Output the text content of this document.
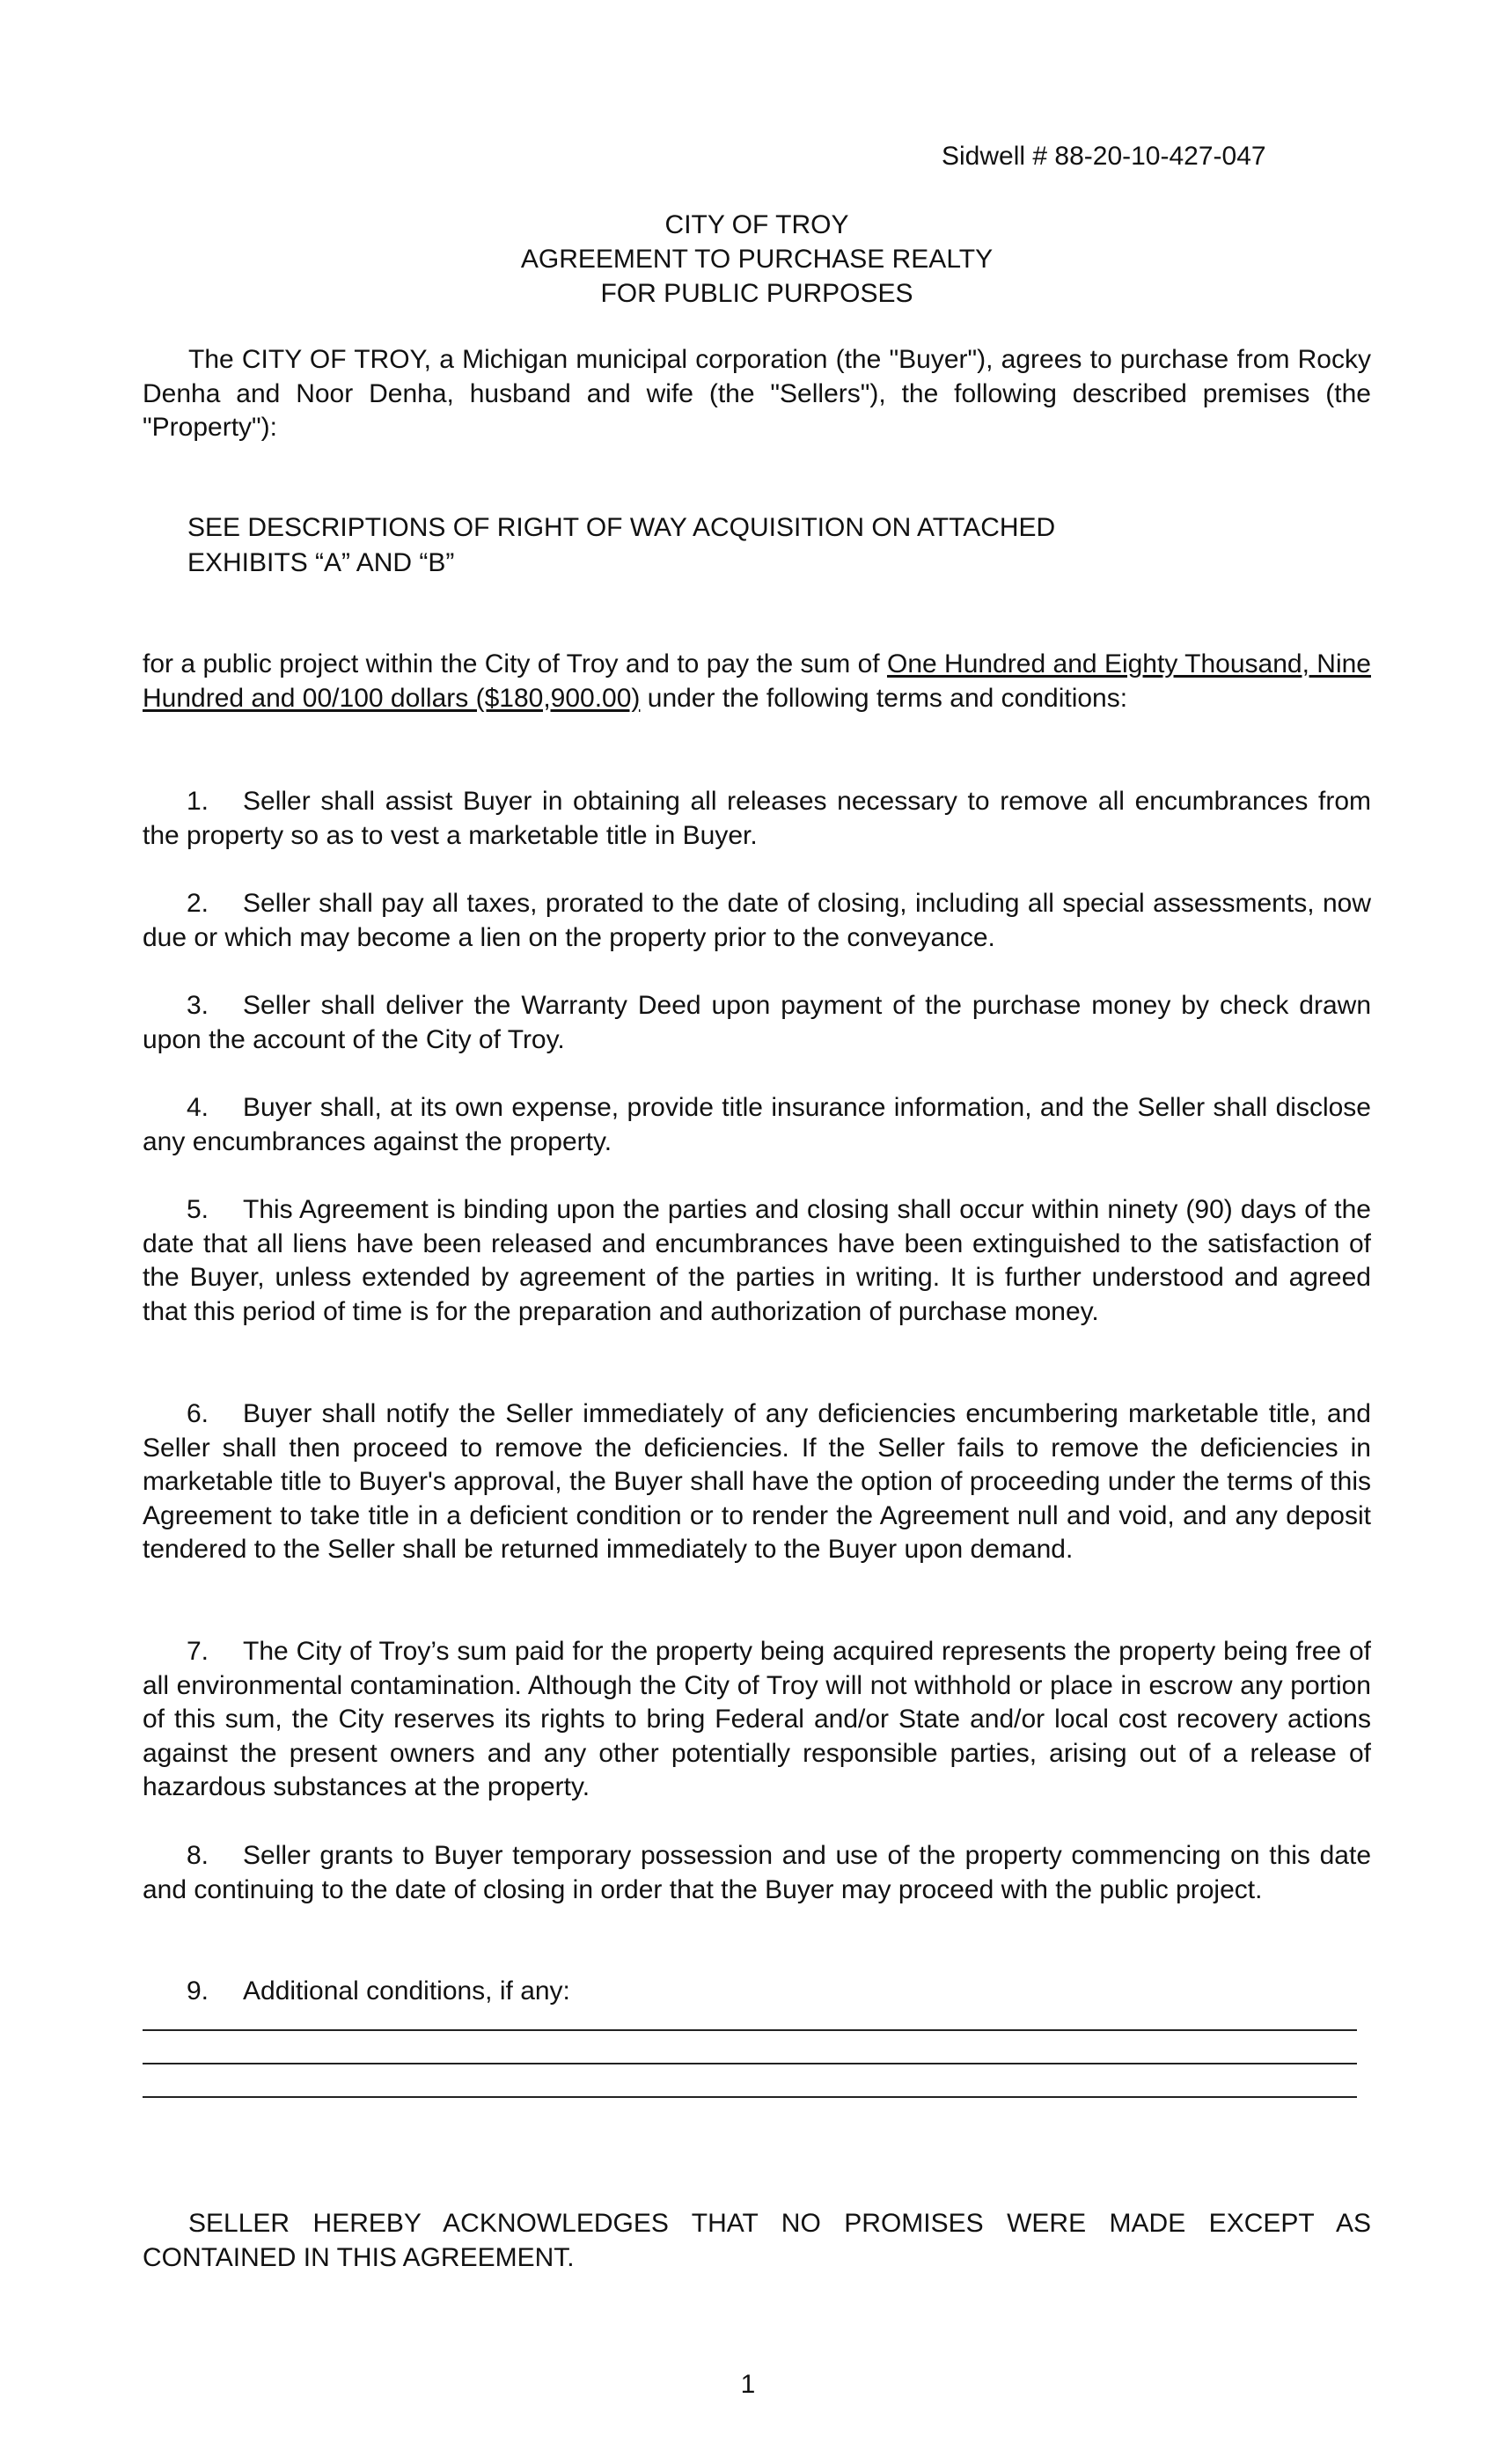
Sidwell # 88-20-10-427-047
CITY OF TROY
AGREEMENT TO PURCHASE REALTY
FOR PUBLIC PURPOSES
The CITY OF TROY, a Michigan municipal corporation (the "Buyer"), agrees to purchase from Rocky Denha and Noor Denha, husband and wife (the "Sellers"), the following described premises (the "Property"):
SEE DESCRIPTIONS OF RIGHT OF WAY ACQUISITION ON ATTACHED
EXHIBITS “A” AND “B”
for a public project within the City of Troy and to pay the sum of One Hundred and Eighty Thousand, Nine Hundred and 00/100 dollars ($180,900.00) under the following terms and conditions:
1. Seller shall assist Buyer in obtaining all releases necessary to remove all encumbrances from the property so as to vest a marketable title in Buyer.
2. Seller shall pay all taxes, prorated to the date of closing, including all special assessments, now due or which may become a lien on the property prior to the conveyance.
3. Seller shall deliver the Warranty Deed upon payment of the purchase money by check drawn upon the account of the City of Troy.
4. Buyer shall, at its own expense, provide title insurance information, and the Seller shall disclose any encumbrances against the property.
5. This Agreement is binding upon the parties and closing shall occur within ninety (90) days of the date that all liens have been released and encumbrances have been extinguished to the satisfaction of the Buyer, unless extended by agreement of the parties in writing. It is further understood and agreed that this period of time is for the preparation and authorization of purchase money.
6. Buyer shall notify the Seller immediately of any deficiencies encumbering marketable title, and Seller shall then proceed to remove the deficiencies. If the Seller fails to remove the deficiencies in marketable title to Buyer's approval, the Buyer shall have the option of proceeding under the terms of this Agreement to take title in a deficient condition or to render the Agreement null and void, and any deposit tendered to the Seller shall be returned immediately to the Buyer upon demand.
7. The City of Troy’s sum paid for the property being acquired represents the property being free of all environmental contamination. Although the City of Troy will not withhold or place in escrow any portion of this sum, the City reserves its rights to bring Federal and/or State and/or local cost recovery actions against the present owners and any other potentially responsible parties, arising out of a release of hazardous substances at the property.
8. Seller grants to Buyer temporary possession and use of the property commencing on this date and continuing to the date of closing in order that the Buyer may proceed with the public project.
9. Additional conditions, if any:
SELLER HEREBY ACKNOWLEDGES THAT NO PROMISES WERE MADE EXCEPT AS CONTAINED IN THIS AGREEMENT.
1
